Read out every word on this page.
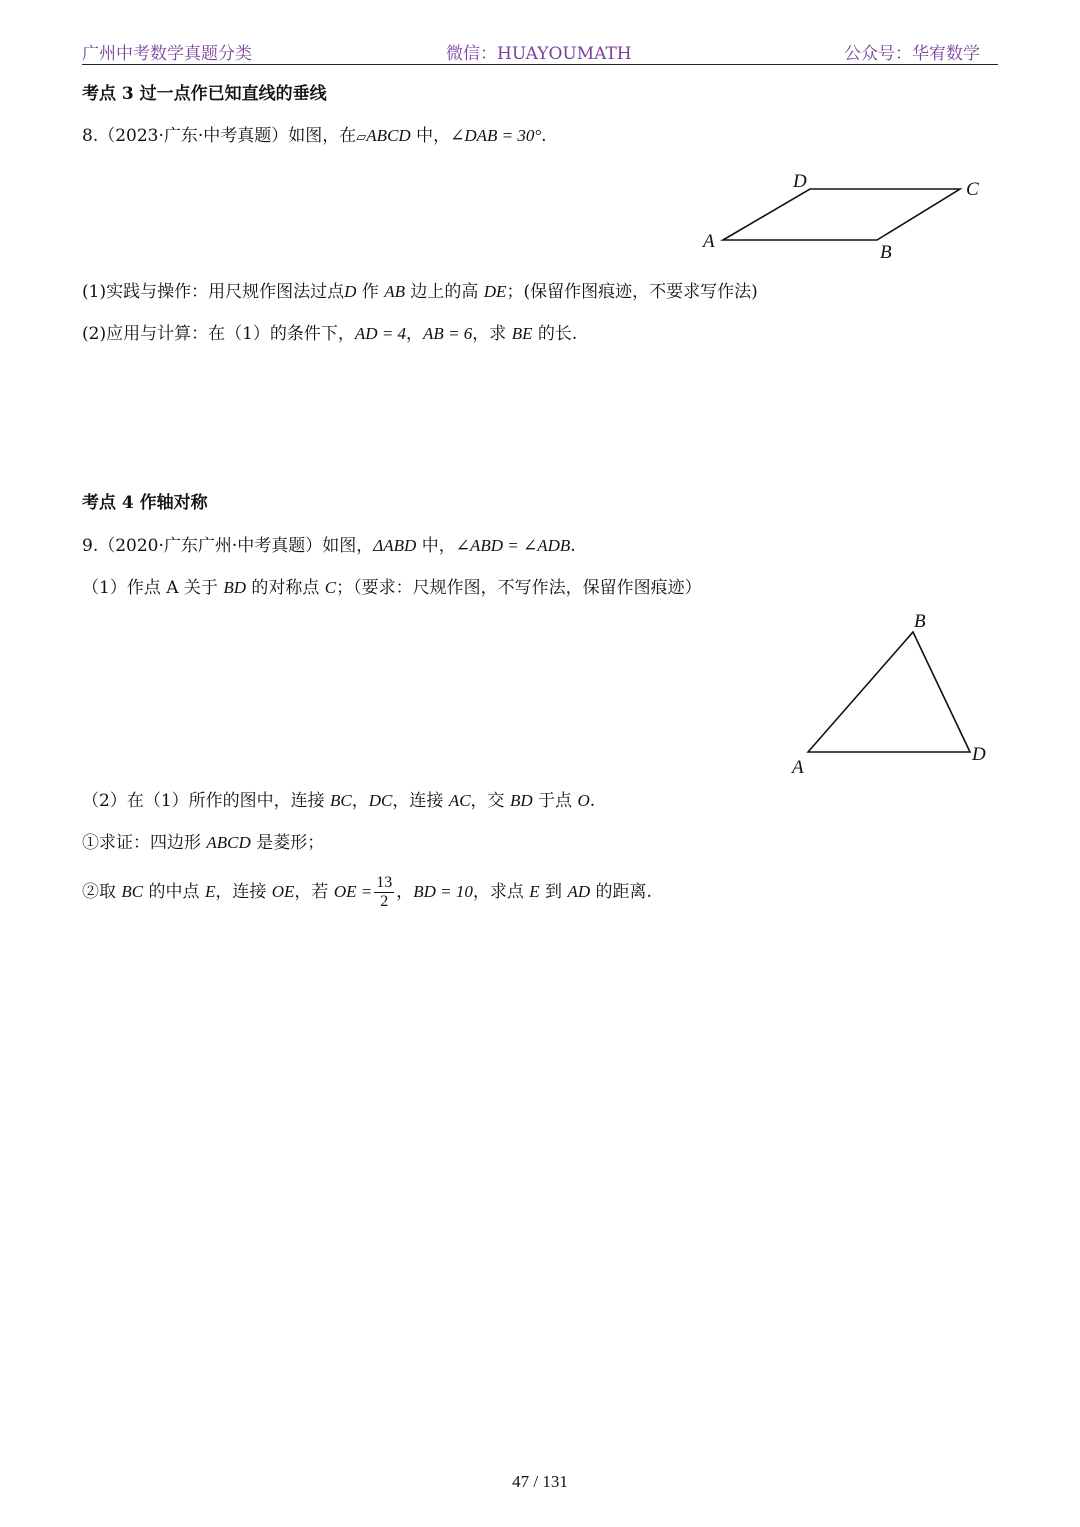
广州中考数学真题分类	微信：HUAYOUMATH	公众号：华宥数学
考点 3 过一点作已知直线的垂线
8.（2023·广东·中考真题）如图，在▱ABCD 中，∠DAB = 30°.
D	C
A
B
(1)实践与操作：用尺规作图法过点D 作 AB 边上的高 DE；(保留作图痕迹，不要求写作法)
(2)应用与计算：在（1）的条件下，AD = 4，AB = 6，求 BE 的长.
考点 4 作轴对称
9.（2020·广东广州·中考真题）如图，ΔABD 中，∠ABD = ∠ADB.
（1）作点 A 关于 BD 的对称点 C；（要求：尺规作图，不写作法，保留作图痕迹）
B
A
D
（2）在（1）所作的图中，连接 BC，DC，连接 AC，交 BD 于点 O.
①求证：四边形 ABCD 是菱形；
②取 BC 的中点 E，连接 OE，若 OE = $\frac{13}{2}$ ，BD = 10，求点 E 到 AD 的距离.
47 / 131
